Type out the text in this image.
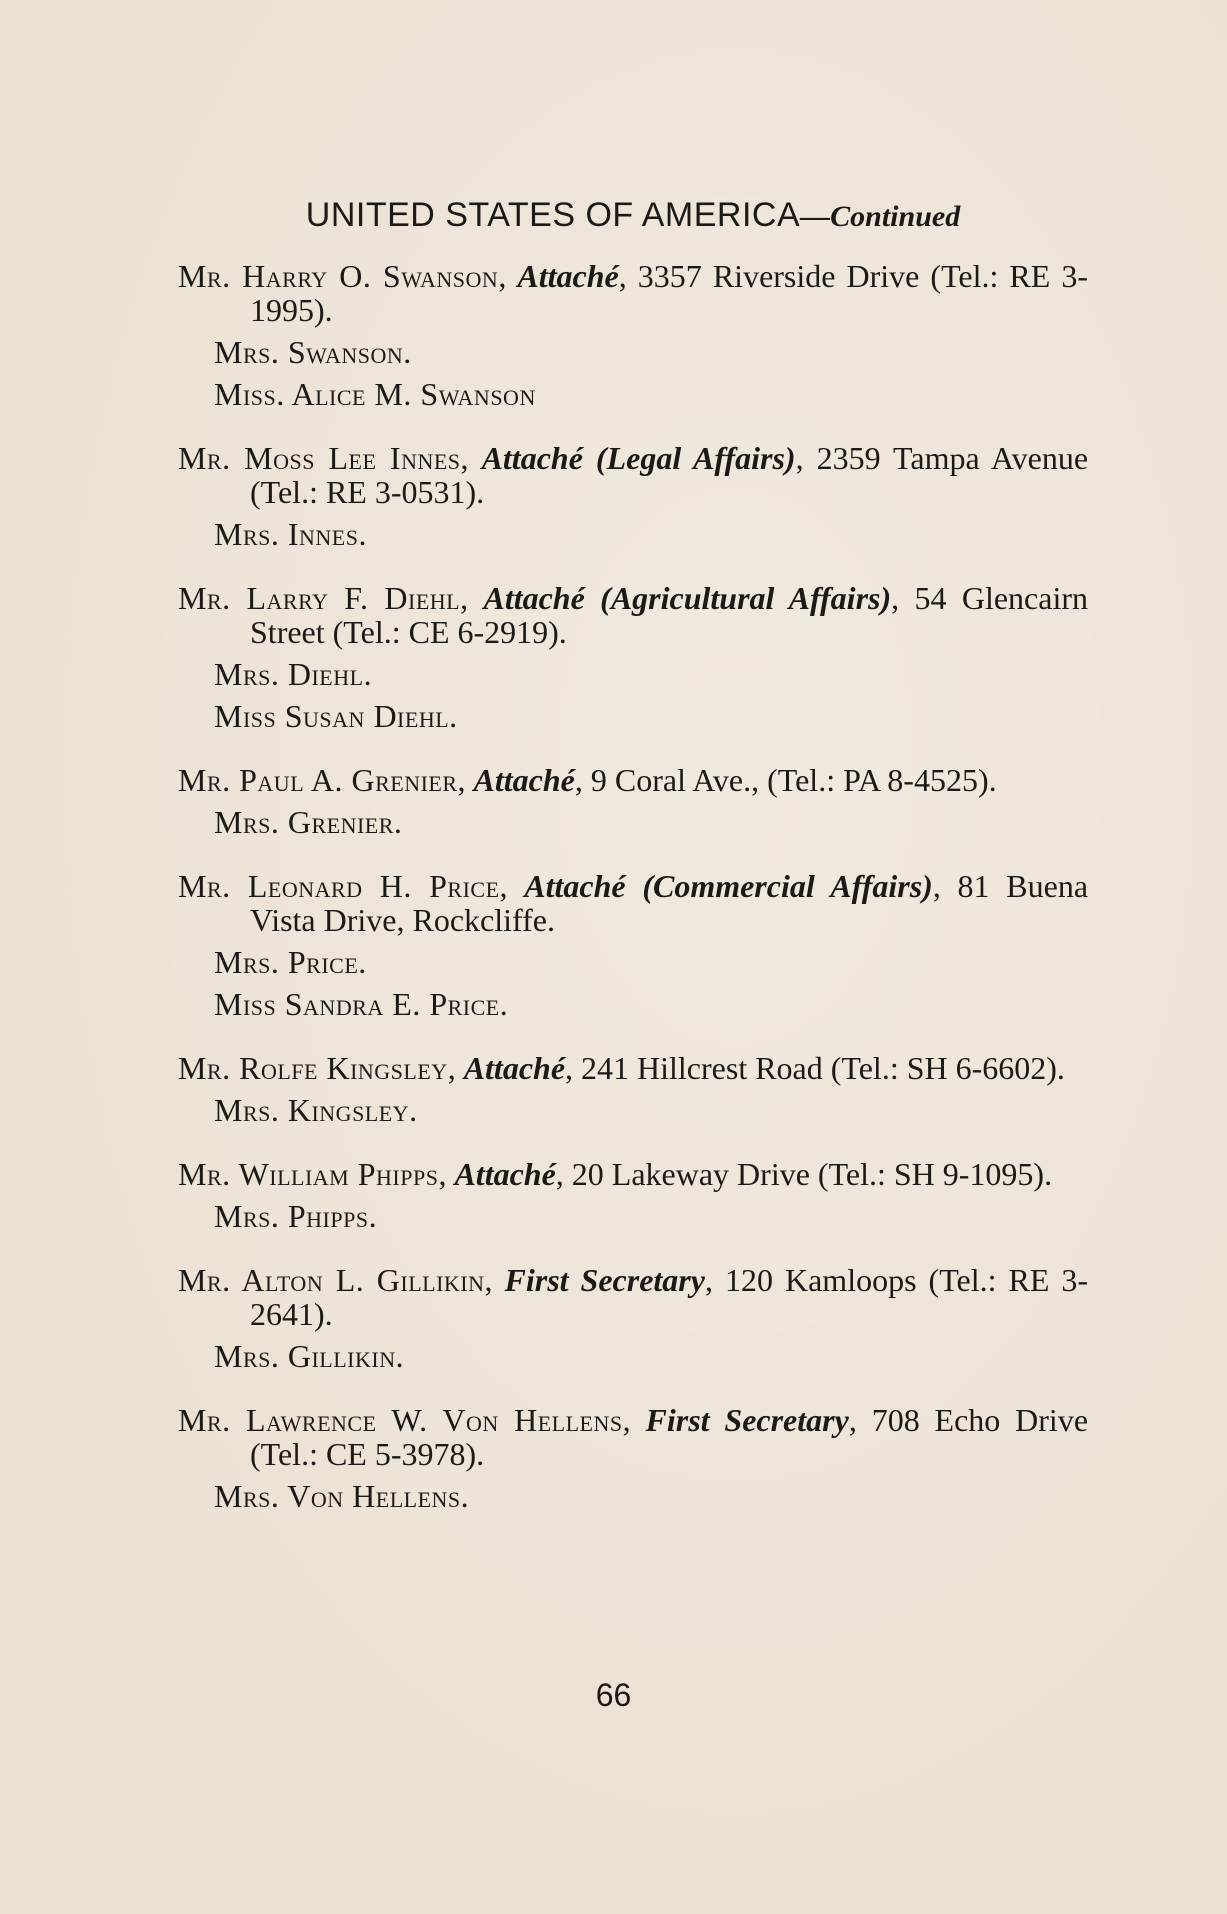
UNITED STATES OF AMERICA—Continued
Mr. Harry O. Swanson, Attaché, 3357 Riverside Drive (Tel.: RE 3-1995).
Mrs. Swanson.
Miss. Alice M. Swanson
Mr. Moss Lee Innes, Attaché (Legal Affairs), 2359 Tampa Avenue (Tel.: RE 3-0531).
Mrs. Innes.
Mr. Larry F. Diehl, Attaché (Agricultural Affairs), 54 Glencairn Street (Tel.: CE 6-2919).
Mrs. Diehl.
Miss Susan Diehl.
Mr. Paul A. Grenier, Attaché, 9 Coral Ave., (Tel.: PA 8-4525).
Mrs. Grenier.
Mr. Leonard H. Price, Attaché (Commercial Affairs), 81 Buena Vista Drive, Rockcliffe.
Mrs. Price.
Miss Sandra E. Price.
Mr. Rolfe Kingsley, Attaché, 241 Hillcrest Road (Tel.: SH 6-6602).
Mrs. Kingsley.
Mr. William Phipps, Attaché, 20 Lakeway Drive (Tel.: SH 9-1095).
Mrs. Phipps.
Mr. Alton L. Gillikin, First Secretary, 120 Kamloops (Tel.: RE 3-2641).
Mrs. Gillikin.
Mr. Lawrence W. Von Hellens, First Secretary, 708 Echo Drive (Tel.: CE 5-3978).
Mrs. Von Hellens.
66
